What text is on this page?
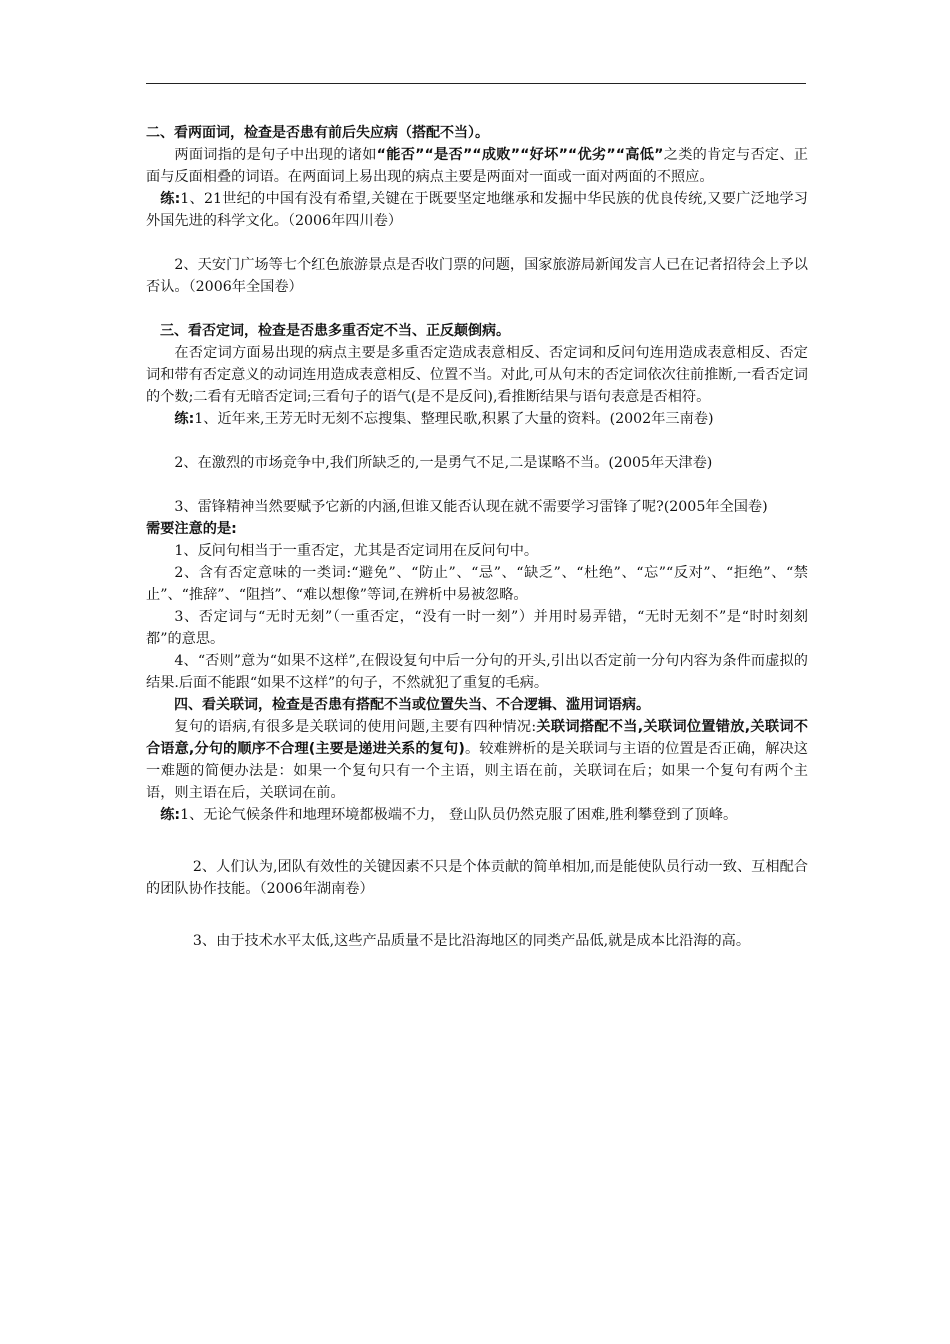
二、看两面词，检查是否患有前后失应病（搭配不当）。

两面词指的是句子中出现的诸如“能否”“是否”“成败”“好坏”“优劣”“高低”之类的肯定与否定、正面与反面相叠的词语。在两面词上易出现的病点主要是两面对一面或一面对两面的不照应。

练:1、21世纪的中国有没有希望,关键在于既要坚定地继承和发掘中华民族的优良传统,又要广泛地学习外国先进的科学文化。（2006年四川卷）

2、天安门广场等七个红色旅游景点是否收门票的问题，国家旅游局新闻发言人已在记者招待会上予以否认。（2006年全国卷）

三、看否定词，检查是否患多重否定不当、正反颠倒病。

在否定词方面易出现的病点主要是多重否定造成表意相反、否定词和反问句连用造成表意相反、否定词和带有否定意义的动词连用造成表意相反、位置不当。对此,可从句末的否定词依次往前推断,一看否定词的个数;二看有无暗否定词;三看句子的语气(是不是反问),看推断结果与语句表意是否相符。

练:1、近年来,王芳无时无刻不忘搜集、整理民歌,积累了大量的资料。(2002年三南卷)

2、在激烈的市场竞争中,我们所缺乏的,一是勇气不足,二是谋略不当。(2005年天津卷)

3、雷锋精神当然要赋予它新的内涵,但谁又能否认现在就不需要学习雷锋了呢?(2005年全国卷)

需要注意的是:

1、反问句相当于一重否定，尤其是否定词用在反问句中。

2、含有否定意味的一类词:“避免”、“防止”、“忌”、“缺乏”、“杜绝”、“忘”“反对”、“拒绝”、“禁止”、“推辞”、“阻挡”、“难以想像”等词,在辨析中易被忽略。

3、否定词与“无时无刻”（一重否定，“没有一时一刻”）并用时易弄错，“无时无刻不”是“时时刻刻都”的意思。

4、“否则”意为“如果不这样”,在假设复句中后一分句的开头,引出以否定前一分句内容为条件而虚拟的结果.后面不能跟“如果不这样”的句子，不然就犯了重复的毛病。

四、看关联词，检查是否患有搭配不当或位置失当、不合逻辑、滥用词语病。

复句的语病,有很多是关联词的使用问题,主要有四种情况:关联词搭配不当,关联词位置错放,关联词不合语意,分句的顺序不合理(主要是递进关系的复句)。较难辨析的是关联词与主语的位置是否正确，解决这一难题的简便办法是：如果一个复句只有一个主语，则主语在前，关联词在后；如果一个复句有两个主语，则主语在后，关联词在前。

练:1、无论气候条件和地理环境都极端不力， 登山队员仍然克服了困难,胜利攀登到了顶峰。

2、人们认为,团队有效性的关键因素不只是个体贡献的简单相加,而是能使队员行动一致、互相配合的团队协作技能。（2006年湖南卷）

3、由于技术水平太低,这些产品质量不是比沿海地区的同类产品低,就是成本比沿海的高。
